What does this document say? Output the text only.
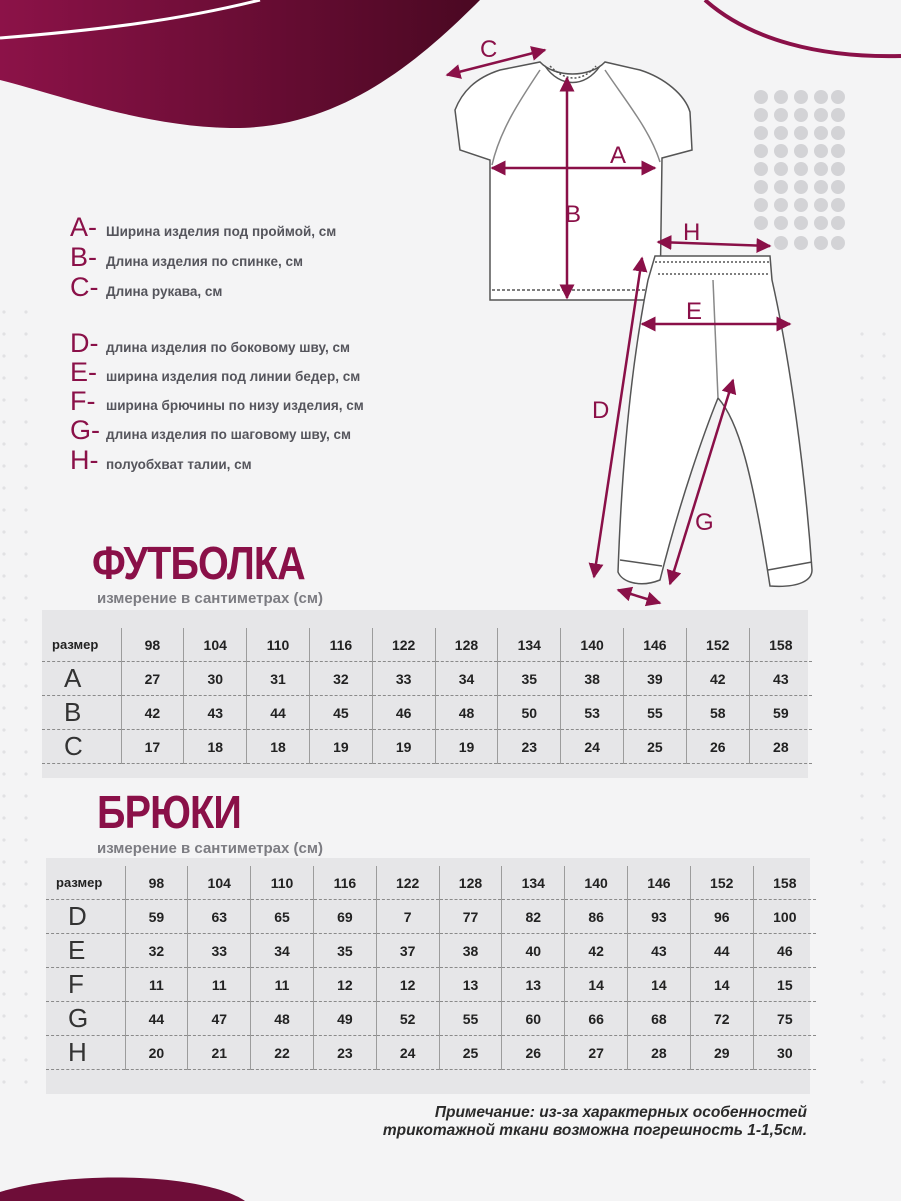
C
A
B
H
E
D
G
A- Ширина изделия под проймой, см
B- Длина изделия по спинке, см
C- Длина рукава, см
D- длина изделия по боковому шву, см
E- ширина изделия под линии бедер, см
F- ширина брючины по низу изделия, см
G- длина изделия по шаговому шву, см
H- полуобхват талии, см
ФУТБОЛКА
измерение в сантиметрах (см)
размер	98	104	110	116	122	128	134	140	146	152	158
A	27	30	31	32	33	34	35	38	39	42	43
B	42	43	44	45	46	48	50	53	55	58	59
C	17	18	18	19	19	19	23	24	25	26	28
БРЮКИ
измерение в сантиметрах (см)
размер	98	104	110	116	122	128	134	140	146	152	158
D	59	63	65	69	7	77	82	86	93	96	100
E	32	33	34	35	37	38	40	42	43	44	46
F	11	11	11	12	12	13	13	14	14	14	15
G	44	47	48	49	52	55	60	66	68	72	75
H	20	21	22	23	24	25	26	27	28	29	30
Примечание: из-за характерных особенностей
трикотажной ткани возможна погрешность 1-1,5см.
